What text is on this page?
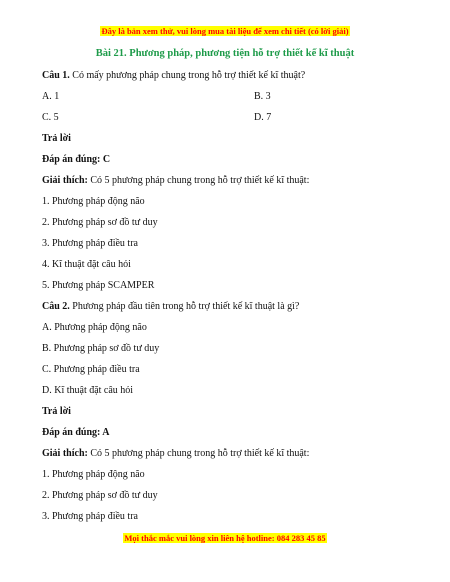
Đây là bản xem thử, vui lòng mua tài liệu để xem chi tiết (có lời giải)
Bài 21. Phương pháp, phương tiện hỗ trợ thiết kế kĩ thuật
Câu 1. Có mấy phương pháp chung trong hỗ trợ thiết kế kĩ thuật?
A. 1	B. 3
C. 5	D. 7
Trả lời
Đáp án đúng: C
Giải thích: Có 5 phương pháp chung trong hỗ trợ thiết kế kĩ thuật:
1. Phương pháp động não
2. Phương pháp sơ đồ tư duy
3. Phương pháp điều tra
4. Kĩ thuật đặt câu hỏi
5. Phương pháp SCAMPER
Câu 2. Phương pháp đầu tiên trong hỗ trợ thiết kế kĩ thuật là gì?
A. Phương pháp động não
B. Phương pháp sơ đồ tư duy
C. Phương pháp điều tra
D. Kĩ thuật đặt câu hỏi
Trả lời
Đáp án đúng: A
Giải thích: Có 5 phương pháp chung trong hỗ trợ thiết kế kĩ thuật:
1. Phương pháp động não
2. Phương pháp sơ đồ tư duy
3. Phương pháp điều tra
Mọi thắc mắc vui lòng xin liên hệ hotline: 084 283 45 85
